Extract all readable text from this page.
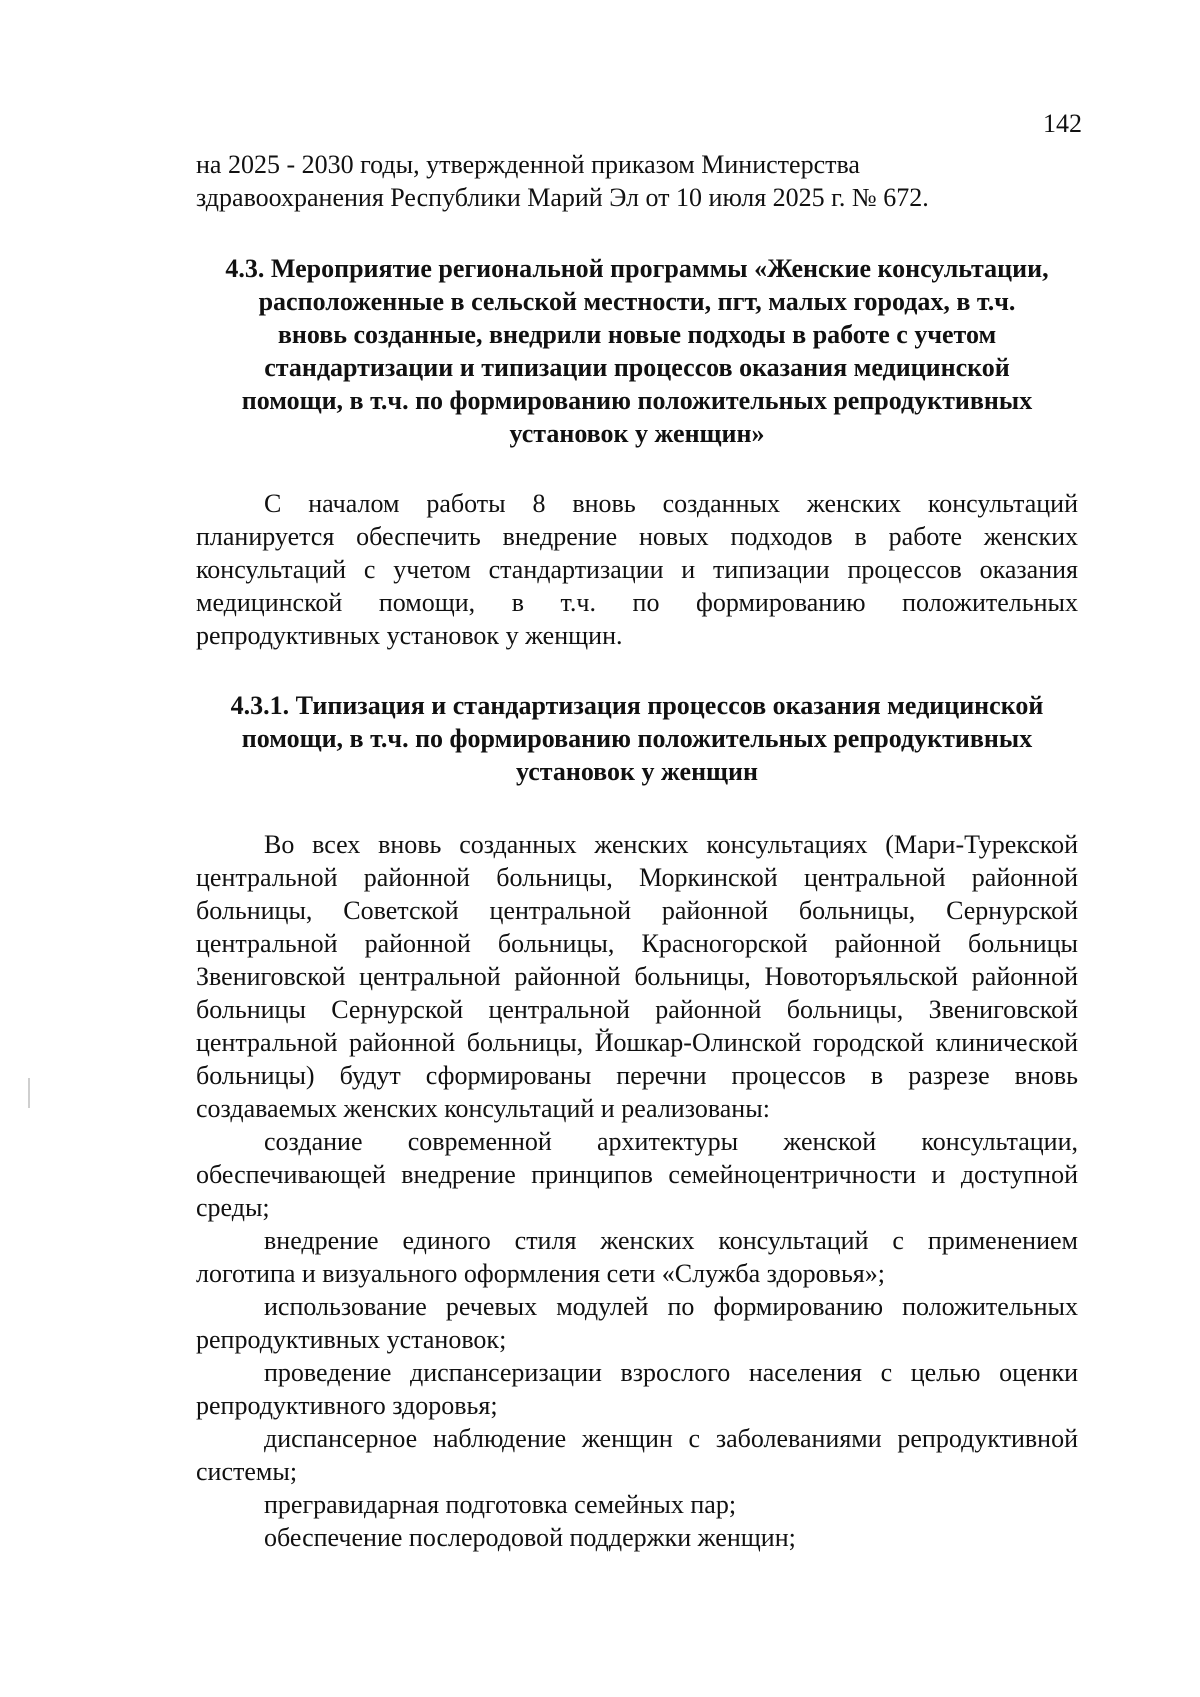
142

на 2025 - 2030 годы, утвержденной приказом Министерства

здравоохранения Республики Марий Эл от 10 июля 2025 г. № 672.

4.3. Мероприятие региональной программы «Женские консультации, расположенные в сельской местности, пгт, малых городах, в т.ч. вновь созданные, внедрили новые подходы в работе с учетом стандартизации и типизации процессов оказания медицинской помощи, в т.ч. по формированию положительных репродуктивных установок у женщин»

С началом работы 8 вновь созданных женских консультаций планируется обеспечить внедрение новых подходов в работе женских консультаций с учетом стандартизации и типизации процессов оказания медицинской помощи, в т.ч. по формированию положительных репродуктивных установок у женщин.

4.3.1. Типизация и стандартизация процессов оказания медицинской помощи, в т.ч. по формированию положительных репродуктивных установок у женщин

Во всех вновь созданных женских консультациях (Мари-Турекской центральной районной больницы, Моркинской центральной районной больницы, Советской центральной районной больницы, Сернурской центральной районной больницы, Красногорской районной больницы Звениговской центральной районной больницы, Новоторъяльской районной больницы Сернурской центральной районной больницы, Звениговской центральной районной больницы, Йошкар-Олинской городской клинической больницы) будут сформированы перечни процессов в разрезе вновь создаваемых женских консультаций и реализованы:

создание современной архитектуры женской консультации, обеспечивающей внедрение принципов семейноцентричности и доступной среды;

внедрение единого стиля женских консультаций с применением логотипа и визуального оформления сети «Служба здоровья»;

использование речевых модулей по формированию положительных репродуктивных установок;

проведение диспансеризации взрослого населения с целью оценки репродуктивного здоровья;

диспансерное наблюдение женщин с заболеваниями репродуктивной системы;

прегравидарная подготовка семейных пар;

обеспечение послеродовой поддержки женщин;
